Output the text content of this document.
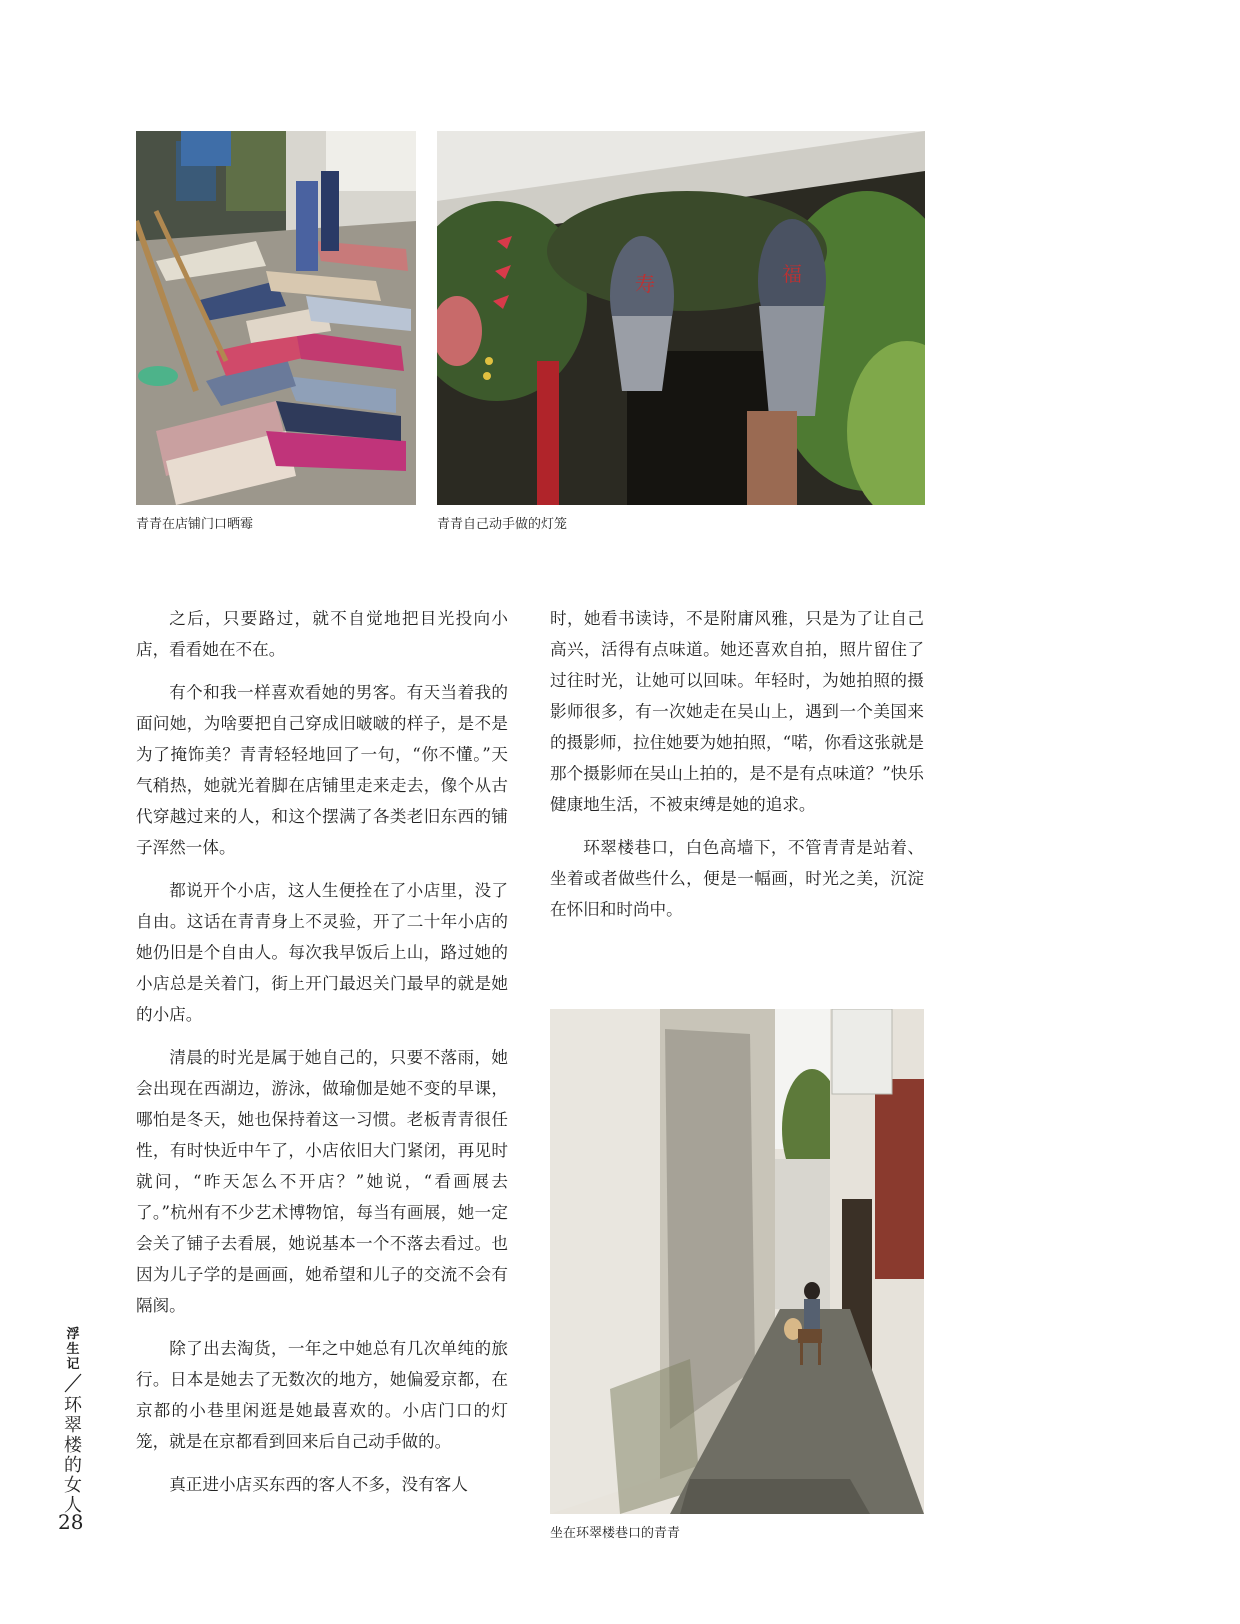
青青在店铺门口晒霉
寿	福
青青自己动手做的灯笼
坐在环翠楼巷口的青青

之后，只要路过，就不自觉地把目光投向小店，看看她在不在。

有个和我一样喜欢看她的男客。有天当着我的面问她，为啥要把自己穿成旧啵啵的样子，是不是为了掩饰美？青青轻轻地回了一句，“你不懂。”天气稍热，她就光着脚在店铺里走来走去，像个从古代穿越过来的人，和这个摆满了各类老旧东西的铺子浑然一体。

都说开个小店，这人生便拴在了小店里，没了自由。这话在青青身上不灵验，开了二十年小店的她仍旧是个自由人。每次我早饭后上山，路过她的小店总是关着门，街上开门最迟关门最早的就是她的小店。

清晨的时光是属于她自己的，只要不落雨，她会出现在西湖边，游泳，做瑜伽是她不变的早课，哪怕是冬天，她也保持着这一习惯。老板青青很任性，有时快近中午了，小店依旧大门紧闭，再见时就问，“昨天怎么不开店？”她说，“看画展去了。”杭州有不少艺术博物馆，每当有画展，她一定会关了铺子去看展，她说基本一个不落去看过。也因为儿子学的是画画，她希望和儿子的交流不会有隔阂。

除了出去淘货，一年之中她总有几次单纯的旅行。日本是她去了无数次的地方，她偏爱京都，在京都的小巷里闲逛是她最喜欢的。小店门口的灯笼，就是在京都看到回来后自己动手做的。

真正进小店买东西的客人不多，没有客人

时，她看书读诗，不是附庸风雅，只是为了让自己高兴，活得有点味道。她还喜欢自拍，照片留住了过往时光，让她可以回味。年轻时，为她拍照的摄影师很多，有一次她走在吴山上，遇到一个美国来的摄影师，拉住她要为她拍照，“喏，你看这张就是那个摄影师在吴山上拍的，是不是有点味道？”快乐健康地生活，不被束缚是她的追求。

环翠楼巷口，白色高墙下，不管青青是站着、坐着或者做些什么，便是一幅画，时光之美，沉淀在怀旧和时尚中。

浮
生
记
环
翠
楼
的
女
人
28
